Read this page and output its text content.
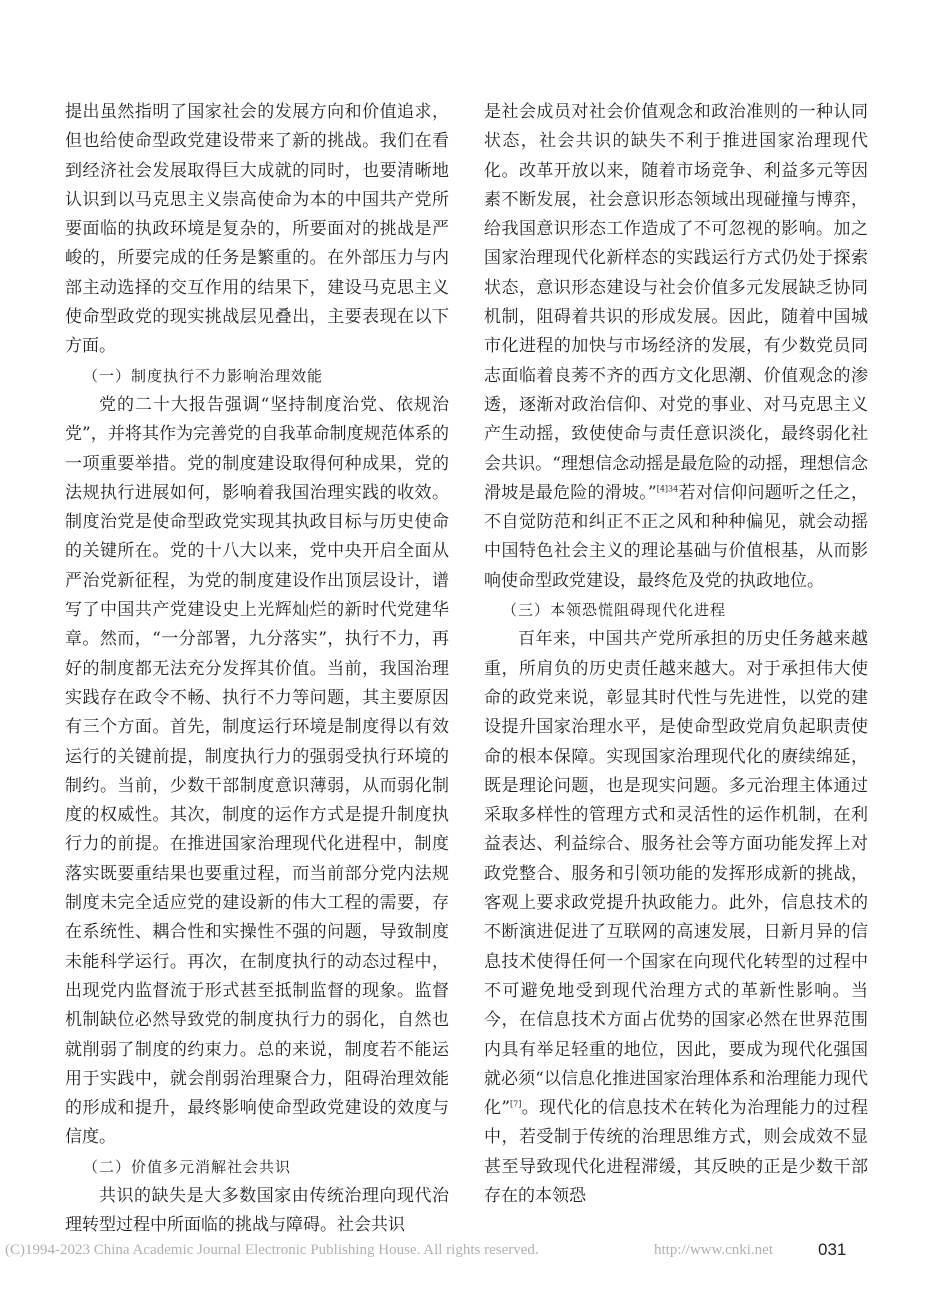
提出虽然指明了国家社会的发展方向和价值追求，但也给使命型政党建设带来了新的挑战。我们在看到经济社会发展取得巨大成就的同时，也要清晰地认识到以马克思主义崇高使命为本的中国共产党所要面临的执政环境是复杂的，所要面对的挑战是严峻的，所要完成的任务是繁重的。在外部压力与内部主动选择的交互作用的结果下，建设马克思主义使命型政党的现实挑战层见叠出，主要表现在以下方面。

（一）制度执行不力影响治理效能

党的二十大报告强调“坚持制度治党、依规治党”，并将其作为完善党的自我革命制度规范体系的一项重要举措。党的制度建设取得何种成果，党的法规执行进展如何，影响着我国治理实践的收效。制度治党是使命型政党实现其执政目标与历史使命的关键所在。党的十八大以来，党中央开启全面从严治党新征程，为党的制度建设作出顶层设计，谱写了中国共产党建设史上光辉灿烂的新时代党建华章。然而，“一分部署，九分落实”，执行不力，再好的制度都无法充分发挥其价值。当前，我国治理实践存在政令不畅、执行不力等问题，其主要原因有三个方面。首先，制度运行环境是制度得以有效运行的关键前提，制度执行力的强弱受执行环境的制约。当前，少数干部制度意识薄弱，从而弱化制度的权威性。其次，制度的运作方式是提升制度执行力的前提。在推进国家治理现代化进程中，制度落实既要重结果也要重过程，而当前部分党内法规制度未完全适应党的建设新的伟大工程的需要，存在系统性、耦合性和实操性不强的问题，导致制度未能科学运行。再次，在制度执行的动态过程中，出现党内监督流于形式甚至抵制监督的现象。监督机制缺位必然导致党的制度执行力的弱化，自然也就削弱了制度的约束力。总的来说，制度若不能运用于实践中，就会削弱治理聚合力，阻碍治理效能的形成和提升，最终影响使命型政党建设的效度与信度。

（二）价值多元消解社会共识

共识的缺失是大多数国家由传统治理向现代治理转型过程中所面临的挑战与障碍。社会共识

是社会成员对社会价值观念和政治准则的一种认同状态，社会共识的缺失不利于推进国家治理现代化。改革开放以来，随着市场竞争、利益多元等因素不断发展，社会意识形态领域出现碰撞与博弈，给我国意识形态工作造成了不可忽视的影响。加之国家治理现代化新样态的实践运行方式仍处于探索状态，意识形态建设与社会价值多元发展缺乏协同机制，阻碍着共识的形成发展。因此，随着中国城市化进程的加快与市场经济的发展，有少数党员同志面临着良莠不齐的西方文化思潮、价值观念的渗透，逐渐对政治信仰、对党的事业、对马克思主义产生动摇，致使使命与责任意识淡化，最终弱化社会共识。“理想信念动摇是最危险的动摇，理想信念滑坡是最危险的滑坡。”$^{[4]34}$若对信仰问题听之任之，不自觉防范和纠正不正之风和种种偏见，就会动摇中国特色社会主义的理论基础与价值根基，从而影响使命型政党建设，最终危及党的执政地位。

（三）本领恐慌阻碍现代化进程

百年来，中国共产党所承担的历史任务越来越重，所肩负的历史责任越来越大。对于承担伟大使命的政党来说，彰显其时代性与先进性，以党的建设提升国家治理水平，是使命型政党肩负起职责使命的根本保障。实现国家治理现代化的赓续绵延，既是理论问题，也是现实问题。多元治理主体通过采取多样性的管理方式和灵活性的运作机制，在利益表达、利益综合、服务社会等方面功能发挥上对政党整合、服务和引领功能的发挥形成新的挑战，客观上要求政党提升执政能力。此外，信息技术的不断演进促进了互联网的高速发展，日新月异的信息技术使得任何一个国家在向现代化转型的过程中不可避免地受到现代治理方式的革新性影响。当今，在信息技术方面占优势的国家必然在世界范围内具有举足轻重的地位，因此，要成为现代化强国就必须“以信息化推进国家治理体系和治理能力现代化”[7]。现代化的信息技术在转化为治理能力的过程中，若受制于传统的治理思维方式，则会成效不显甚至导致现代化进程滞缓，其反映的正是少数干部存在的本领恐

(C)1994-2023 China Academic Journal Electronic Publishing House. All rights reserved.	http://www.cnki.net	031
